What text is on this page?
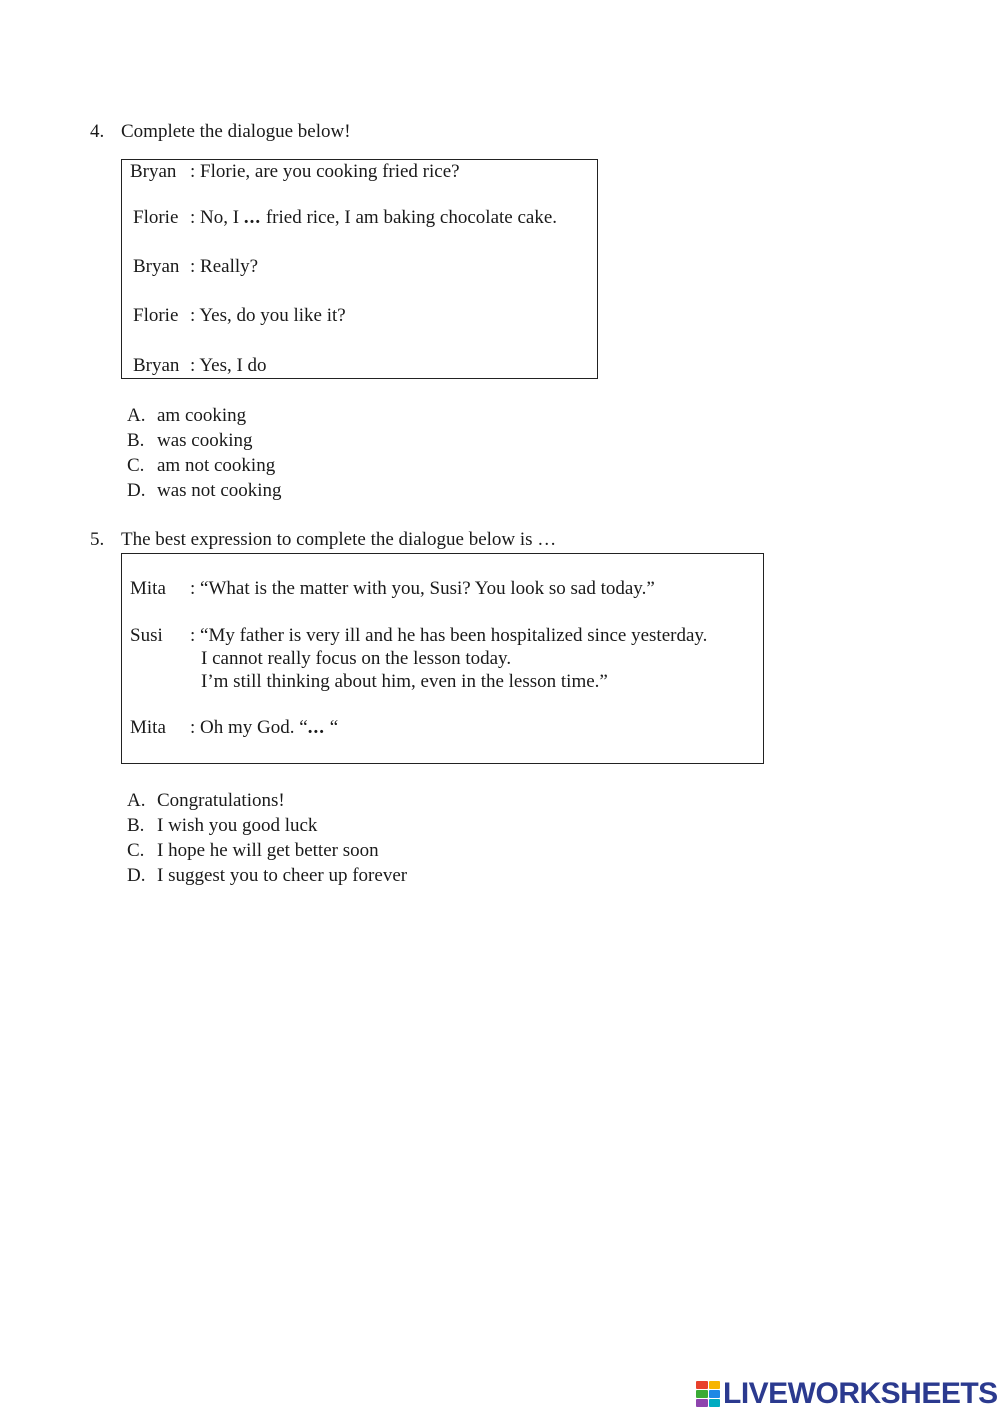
4. Complete the dialogue below!
Bryan : Florie, are you cooking fried rice?
Florie : No, I ... fried rice, I am baking chocolate cake.
Bryan : Really?
Florie : Yes, do you like it?
Bryan : Yes, I do
A. am cooking
B. was cooking
C. am not cooking
D. was not cooking
5. The best expression to complete the dialogue below is …
Mita : “What is the matter with you, Susi? You look so sad today.”
Susi : “My father is very ill and he has been hospitalized since yesterday.
I cannot really focus on the lesson today.
I’m still thinking about him, even in the lesson time.”
Mita : Oh my God. “... “
A. Congratulations!
B. I wish you good luck
C. I hope he will get better soon
D. I suggest you to cheer up forever
LIVEWORKSHEETS
